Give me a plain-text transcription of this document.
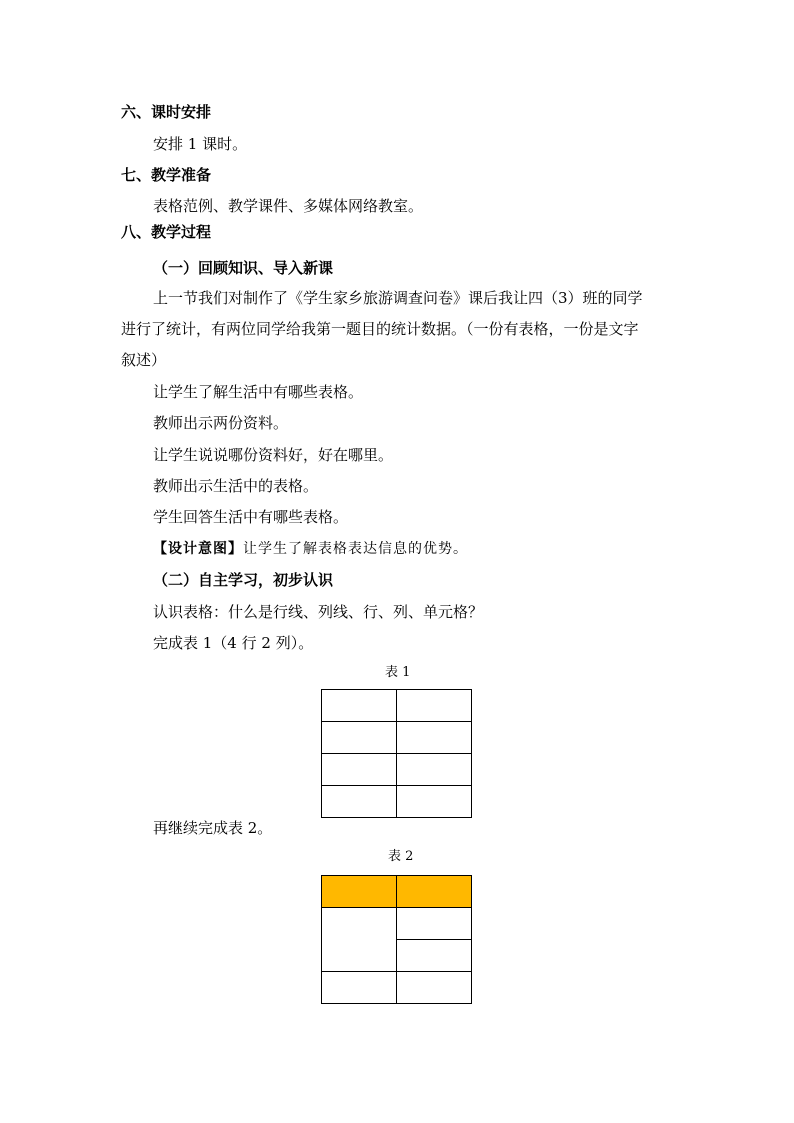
六、课时安排
安排 1 课时。
七、教学准备
表格范例、教学课件、多媒体网络教室。
八、教学过程
（一）回顾知识、导入新课
上一节我们对制作了《学生家乡旅游调查问卷》课后我让四（3）班的同学
进行了统计，有两位同学给我第一题目的统计数据。（一份有表格，一份是文字
叙述）
让学生了解生活中有哪些表格。
教师出示两份资料。
让学生说说哪份资料好，好在哪里。
教师出示生活中的表格。
学生回答生活中有哪些表格。
【设计意图】让学生了解表格表达信息的优势。
（二）自主学习，初步认识
认识表格：什么是行线、列线、行、列、单元格？
完成表 1（4 行 2 列）。
表 1

再继续完成表 2。
表 2
